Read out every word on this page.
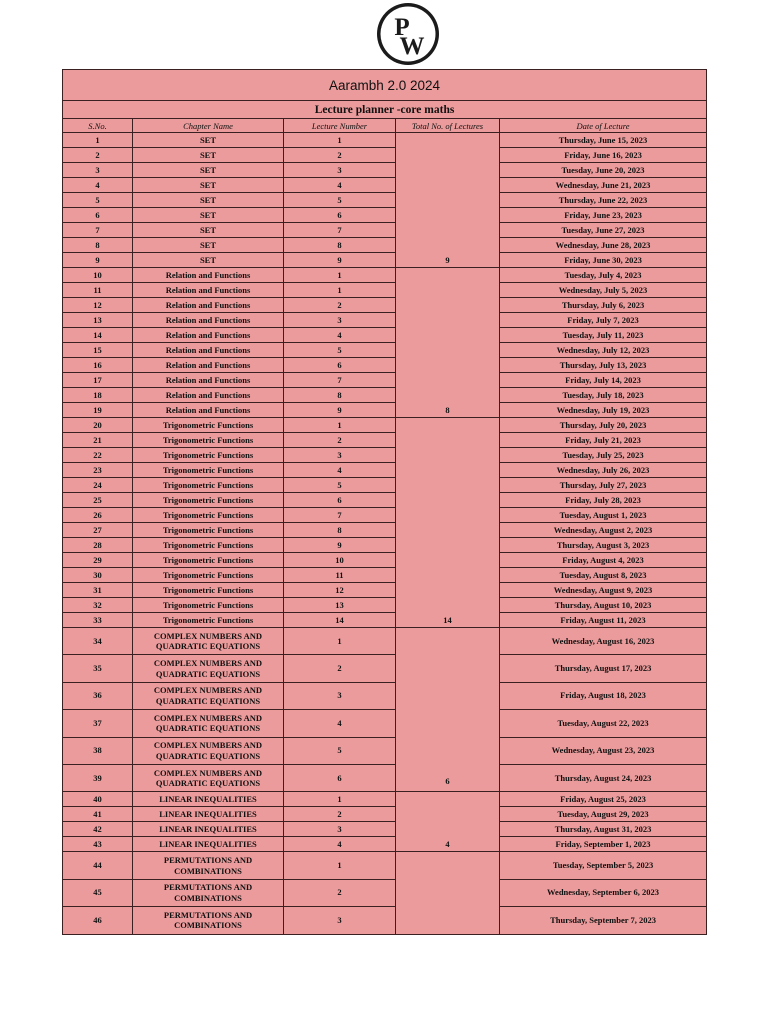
P
W
Aarambh 2.0 2024				
Lecture planner -core maths				
S.No.	Chapter Name	Lecture Number	Total No. of Lectures	Date of Lecture
1	SET	1	9	Thursday, June 15, 2023
2	SET	2		Friday, June 16, 2023
3	SET	3		Tuesday, June 20, 2023
4	SET	4		Wednesday, June 21, 2023
5	SET	5		Thursday, June 22, 2023
6	SET	6		Friday, June 23, 2023
7	SET	7		Tuesday, June 27, 2023
8	SET	8		Wednesday, June 28, 2023
9	SET	9		Friday, June 30, 2023
10	Relation and Functions	1	8	Tuesday, July 4, 2023
11	Relation and Functions	1		Wednesday, July 5, 2023
12	Relation and Functions	2		Thursday, July 6, 2023
13	Relation and Functions	3		Friday, July 7, 2023
14	Relation and Functions	4		Tuesday, July 11, 2023
15	Relation and Functions	5		Wednesday, July 12, 2023
16	Relation and Functions	6		Thursday, July 13, 2023
17	Relation and Functions	7		Friday, July 14, 2023
18	Relation and Functions	8		Tuesday, July 18, 2023
19	Relation and Functions	9		Wednesday, July 19, 2023
20	Trigonometric Functions	1	14	Thursday, July 20, 2023
21	Trigonometric Functions	2		Friday, July 21, 2023
22	Trigonometric Functions	3		Tuesday, July 25, 2023
23	Trigonometric Functions	4		Wednesday, July 26, 2023
24	Trigonometric Functions	5		Thursday, July 27, 2023
25	Trigonometric Functions	6		Friday, July 28, 2023
26	Trigonometric Functions	7		Tuesday, August 1, 2023
27	Trigonometric Functions	8		Wednesday, August 2, 2023
28	Trigonometric Functions	9		Thursday, August 3, 2023
29	Trigonometric Functions	10		Friday, August 4, 2023
30	Trigonometric Functions	11		Tuesday, August 8, 2023
31	Trigonometric Functions	12		Wednesday, August 9, 2023
32	Trigonometric Functions	13		Thursday, August 10, 2023
33	Trigonometric Functions	14		Friday, August 11, 2023
34	COMPLEX NUMBERS AND QUADRATIC EQUATIONS	1	6	Wednesday, August 16, 2023
35	COMPLEX NUMBERS AND QUADRATIC EQUATIONS	2		Thursday, August 17, 2023
36	COMPLEX NUMBERS AND QUADRATIC EQUATIONS	3		Friday, August 18, 2023
37	COMPLEX NUMBERS AND QUADRATIC EQUATIONS	4		Tuesday, August 22, 2023
38	COMPLEX NUMBERS AND QUADRATIC EQUATIONS	5		Wednesday, August 23, 2023
39	COMPLEX NUMBERS AND QUADRATIC EQUATIONS	6		Thursday, August 24, 2023
40	LINEAR INEQUALITIES	1	4	Friday, August 25, 2023
41	LINEAR INEQUALITIES	2		Tuesday, August 29, 2023
42	LINEAR INEQUALITIES	3		Thursday, August 31, 2023
43	LINEAR INEQUALITIES	4		Friday, September 1, 2023
44	PERMUTATIONS AND COMBINATIONS	1		Tuesday, September 5, 2023
45	PERMUTATIONS AND COMBINATIONS	2		Wednesday, September 6, 2023
46	PERMUTATIONS AND COMBINATIONS	3		Thursday, September 7, 2023
